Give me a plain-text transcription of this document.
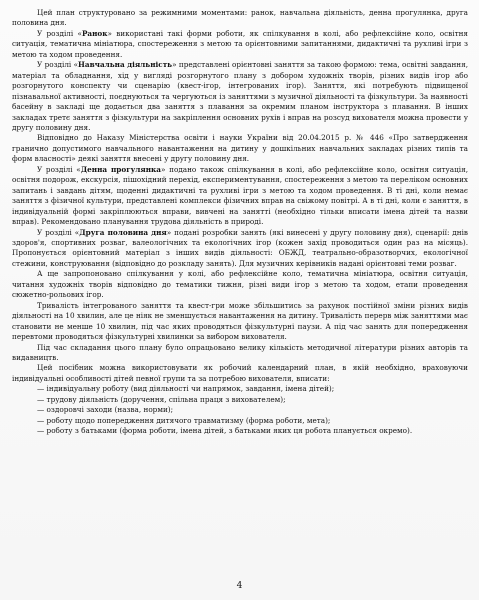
Цей план структуровано за режимними моментами: ранок, навчальна діяльність, денна прогулянка, друга половина дня.

У розділі «Ранок» використані такі форми роботи, як спілкування в колі, або рефлексійне коло, освітня ситуація, тематична мініатюра, спостереження з метою та орієнтовними запитаннями, дидактичні та рухливі ігри з метою та ходом проведення.

У розділі «Навчальна діяльність» представлені орієнтовні заняття за такою формою: тема, освітні завдання, матеріал та обладнання, хід у вигляді розгорнутого плану з добором художніх творів, різних видів ігор або розгорнутого конспекту чи сценарію (квест-ігор, інтегрованих ігор). Заняття, які потребують підвищеної пізнавальної активності, поєднуються та чергуються із заняттями з музичної діяльності та фізкультури. За наявності басейну в закладі ще додається два заняття з плавання за окремим планом інструктора з плавання. В інших закладах третє заняття з фізкультури на закріплення основних рухів і вправ на розсуд вихователя можна провести у другу половину дня.

Відповідно до Наказу Міністерства освіти і науки України від 20.04.2015 р. № 446 «Про затвердження гранично допустимого навчального навантаження на дитину у дошкільних навчальних закладах різних типів та форм власності» деякі заняття внесені у другу половину дня.

У розділі «Денна прогулянка» подано також спілкування в колі, або рефлексійне коло, освітня ситуація, освітня подорож, екскурсія, пішохідний перехід, експериментування, спостереження з метою та переліком основних запитань і завдань дітям, щоденні дидактичні та рухливі ігри з метою та ходом проведення. В ті дні, коли немає заняття з фізичної культури, представлені комплекси фізичних вправ на свіжому повітрі. А в ті дні, коли є заняття, в індивідуальній формі закріплюються вправи, вивчені на занятті (необхідно тільки вписати імена дітей та назви вправ). Рекомендовано планування трудова діяльність в природі.

У розділі «Друга половина дня» подані розробки занять (які винесені у другу половину дня), сценарії: днів здоров'я, спортивних розваг, валеологічних та екологічних ігор (кожен захід проводиться один раз на місяць). Пропонується орієнтовний матеріал з інших видів діяльності: ОБЖД, театрально-образотворчих, екологічної стежини, конструювання (відповідно до розкладу занять). Для музичних керівників надані орієнтовні теми розваг.

А ще запропоновано спілкування у колі, або рефлексійне коло, тематична мініатюра, освітня ситуація, читання художніх творів відповідно до тематики тижня, різні види ігор з метою та ходом, етапи проведення сюжетно-рольових ігор.

Тривалість інтегрованого заняття та квест-гри може збільшитись за рахунок постійної зміни різних видів діяльності на 10 хвилин, але це ніяк не зменшується навантаження на дитину. Тривалість перерв між заняттями має становити не менше 10 хвилин, під час яких проводяться фізкультурні паузи. А під час занять для попередження перевтоми проводяться фізкультурні хвилинки за вибором вихователя.

Під час складання цього плану було опрацьовано велику кількість методичної літератури різних авторів та видавництв.

Цей посібник можна використовувати як робочий календарний план, в якій необхідно, враховуючи індивідуальні особливості дітей певної групи та за потребою вихователя, вписати:

— індивідуальну роботу (вид діяльності чи напрямок, завдання, імена дітей);

— трудову діяльність (доручення, спільна праця з вихователем);

— оздоровчі заходи (назва, норми);

— роботу щодо попередження дитячого травматизму (форма роботи, мета);

— роботу з батьками (форма роботи, імена дітей, з батьками яких ця робота планується окремо).

4
